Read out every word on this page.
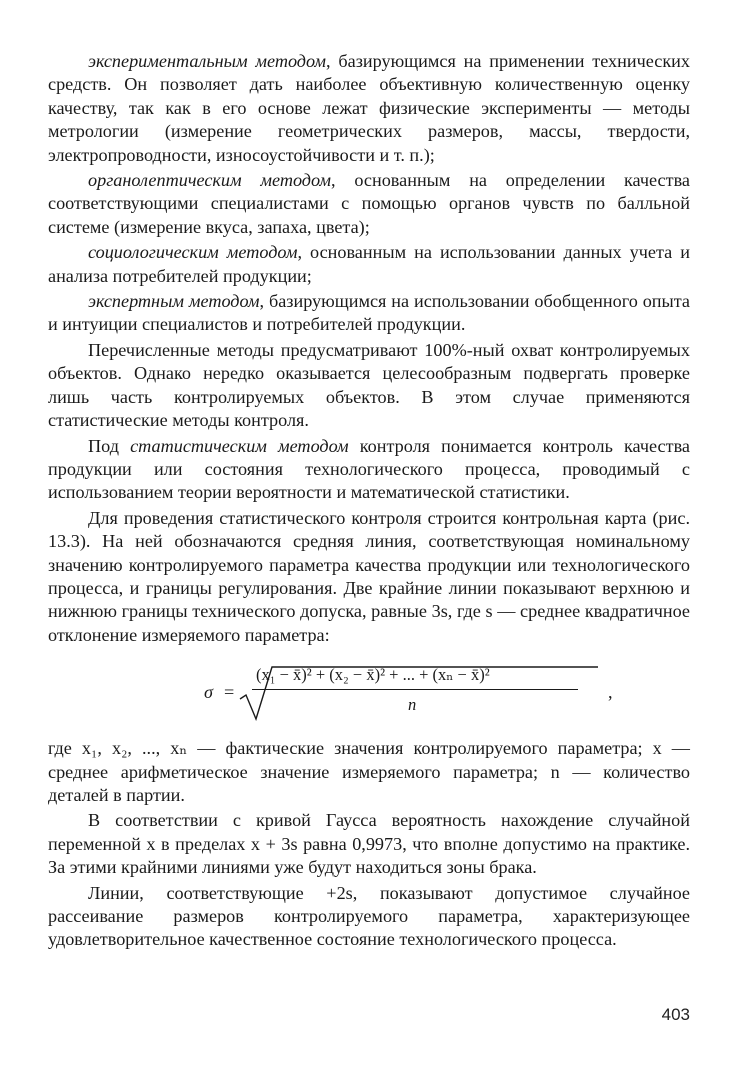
экспериментальным методом, базирующимся на применении технических средств. Он позволяет дать наиболее объективную количественную оценку качеству, так как в его основе лежат физические эксперименты — методы метрологии (измерение геометрических размеров, массы, твердости, электропроводности, износоустойчивости и т. п.);

органолептическим методом, основанным на определении качества соответствующими специалистами с помощью органов чувств по балльной системе (измерение вкуса, запаха, цвета);

социологическим методом, основанным на использовании данных учета и анализа потребителей продукции;

экспертным методом, базирующимся на использовании обобщенного опыта и интуиции специалистов и потребителей продукции.

Перечисленные методы предусматривают 100%-ный охват контролируемых объектов. Однако нередко оказывается целесообразным подвергать проверке лишь часть контролируемых объектов. В этом случае применяются статистические методы контроля.

Под статистическим методом контроля понимается контроль качества продукции или состояния технологического процесса, проводимый с использованием теории вероятности и математической статистики.

Для проведения статистического контроля строится контрольная карта (рис. 13.3). На ней обозначаются средняя линия, соответствующая номинальному значению контролируемого параметра качества продукции или технологического процесса, и границы регулирования. Две крайние линии показывают верхнюю и нижнюю границы технического допуска, равные 3s, где s — среднее квадратичное отклонение измеряемого параметра:

σ =
(x₁ − x̄)² + (x₂ − x̄)² + ... + (xₙ − x̄)²
n
,

где x₁, x₂, ..., xₙ — фактические значения контролируемого параметра; x — среднее арифметическое значение измеряемого параметра; n — количество деталей в партии.

В соответствии с кривой Гаусса вероятность нахождение случайной переменной x в пределах x + 3s равна 0,9973, что вполне допустимо на практике. За этими крайними линиями уже будут находиться зоны брака.

Линии, соответствующие +2s, показывают допустимое случайное рассеивание размеров контролируемого параметра, характеризующее удовлетворительное качественное состояние технологического процесса.

403
